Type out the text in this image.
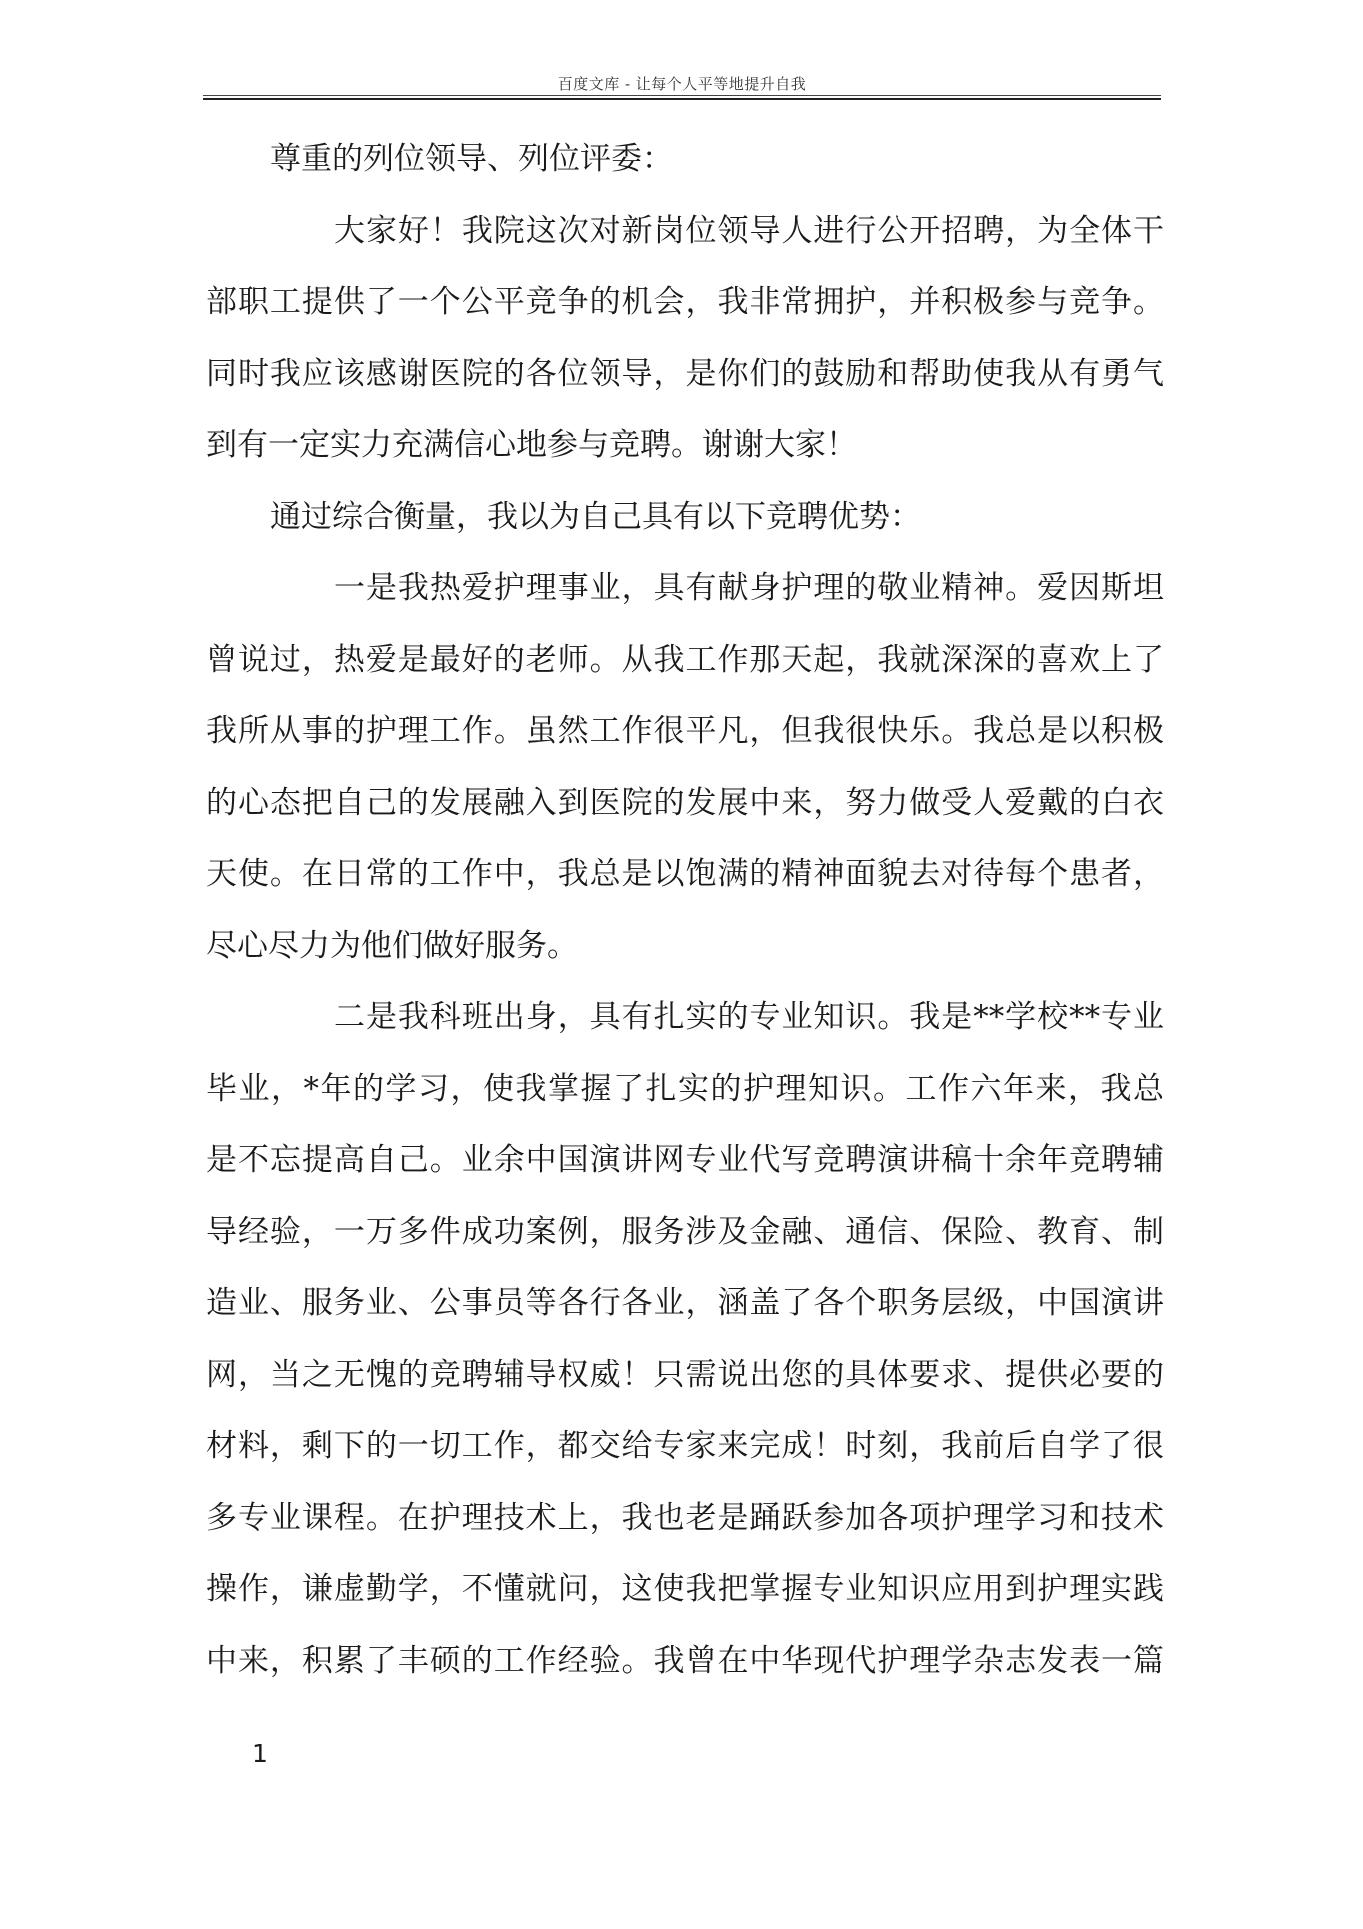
百度文库 - 让每个人平等地提升自我
尊重的列位领导、列位评委：
大家好！我院这次对新岗位领导人进行公开招聘，为全体干
部职工提供了一个公平竞争的机会，我非常拥护，并积极参与竞争。
同时我应该感谢医院的各位领导，是你们的鼓励和帮助使我从有勇气
到有一定实力充满信心地参与竞聘。谢谢大家！
通过综合衡量，我以为自己具有以下竞聘优势：
一是我热爱护理事业，具有献身护理的敬业精神。爱因斯坦
曾说过，热爱是最好的老师。从我工作那天起，我就深深的喜欢上了
我所从事的护理工作。虽然工作很平凡，但我很快乐。我总是以积极
的心态把自己的发展融入到医院的发展中来，努力做受人爱戴的白衣
天使。在日常的工作中，我总是以饱满的精神面貌去对待每个患者，
尽心尽力为他们做好服务。
二是我科班出身，具有扎实的专业知识。我是**学校**专业
毕业，*年的学习，使我掌握了扎实的护理知识。工作六年来，我总
是不忘提高自己。业余中国演讲网专业代写竞聘演讲稿十余年竞聘辅
导经验，一万多件成功案例，服务涉及金融、通信、保险、教育、制
造业、服务业、公事员等各行各业，涵盖了各个职务层级，中国演讲
网，当之无愧的竞聘辅导权威！只需说出您的具体要求、提供必要的
材料，剩下的一切工作，都交给专家来完成！时刻，我前后自学了很
多专业课程。在护理技术上，我也老是踊跃参加各项护理学习和技术
操作，谦虚勤学，不懂就问，这使我把掌握专业知识应用到护理实践
中来，积累了丰硕的工作经验。我曾在中华现代护理学杂志发表一篇
1
